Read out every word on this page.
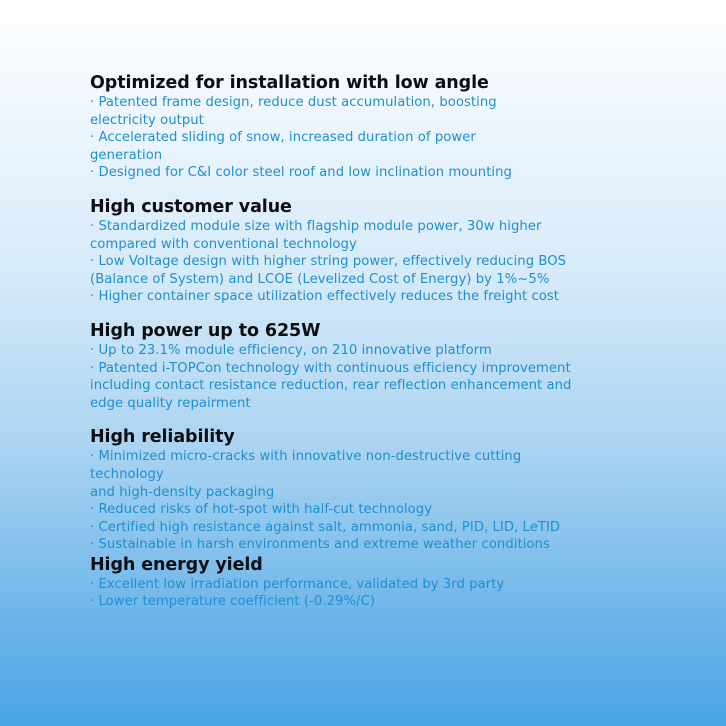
Optimized for installation with low angle
· Patented frame design, reduce dust accumulation, boosting
electricity output
· Accelerated sliding of snow, increased duration of power
generation
· Designed for C&I color steel roof and low inclination mounting
High customer value
· Standardized module size with flagship module power, 30w higher
compared with conventional technology
· Low Voltage design with higher string power, effectively reducing BOS
(Balance of System) and LCOE (Levelized Cost of Energy) by 1%~5%
· Higher container space utilization effectively reduces the freight cost
High power up to 625W
· Up to 23.1% module efficiency, on 210 innovative platform
· Patented i-TOPCon technology with continuous efficiency improvement
including contact resistance reduction, rear reflection enhancement and
edge quality repairment
High reliability
· Minimized micro-cracks with innovative non-destructive cutting
technology
and high-density packaging
· Reduced risks of hot-spot with half-cut technology
· Certified high resistance against salt, ammonia, sand, PID, LID, LeTID
· Sustainable in harsh environments and extreme weather conditions
High energy yield
· Excellent low irradiation performance, validated by 3rd party
· Lower temperature coefficient (-0.29%/C)
